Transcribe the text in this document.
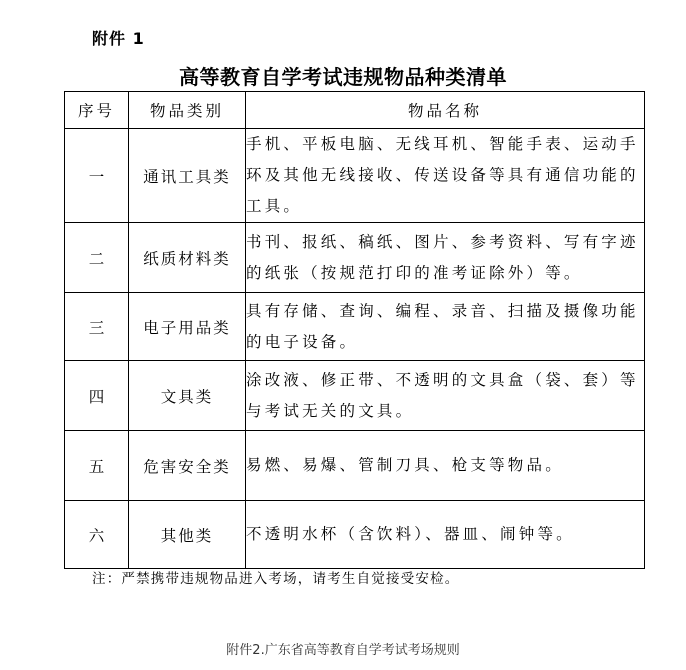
附件 1
高等教育自学考试违规物品种类清单
序号	物品类别	物品名称
一	通讯工具类	手机、平板电脑、无线耳机、智能手表、运动手环及其他无线接收、传送设备等具有通信功能的工具。
二	纸质材料类	书刊、报纸、稿纸、图片、参考资料、写有字迹的纸张（按规范打印的准考证除外）等。
三	电子用品类	具有存储、查询、编程、录音、扫描及摄像功能的电子设备。
四	文具类	涂改液、修正带、不透明的文具盒（袋、套）等与考试无关的文具。
五	危害安全类	易燃、易爆、管制刀具、枪支等物品。
六	其他类	不透明水杯（含饮料）、器皿、闹钟等。
注：严禁携带违规物品进入考场，请考生自觉接受安检。
附件2.广东省高等教育自学考试考场规则
